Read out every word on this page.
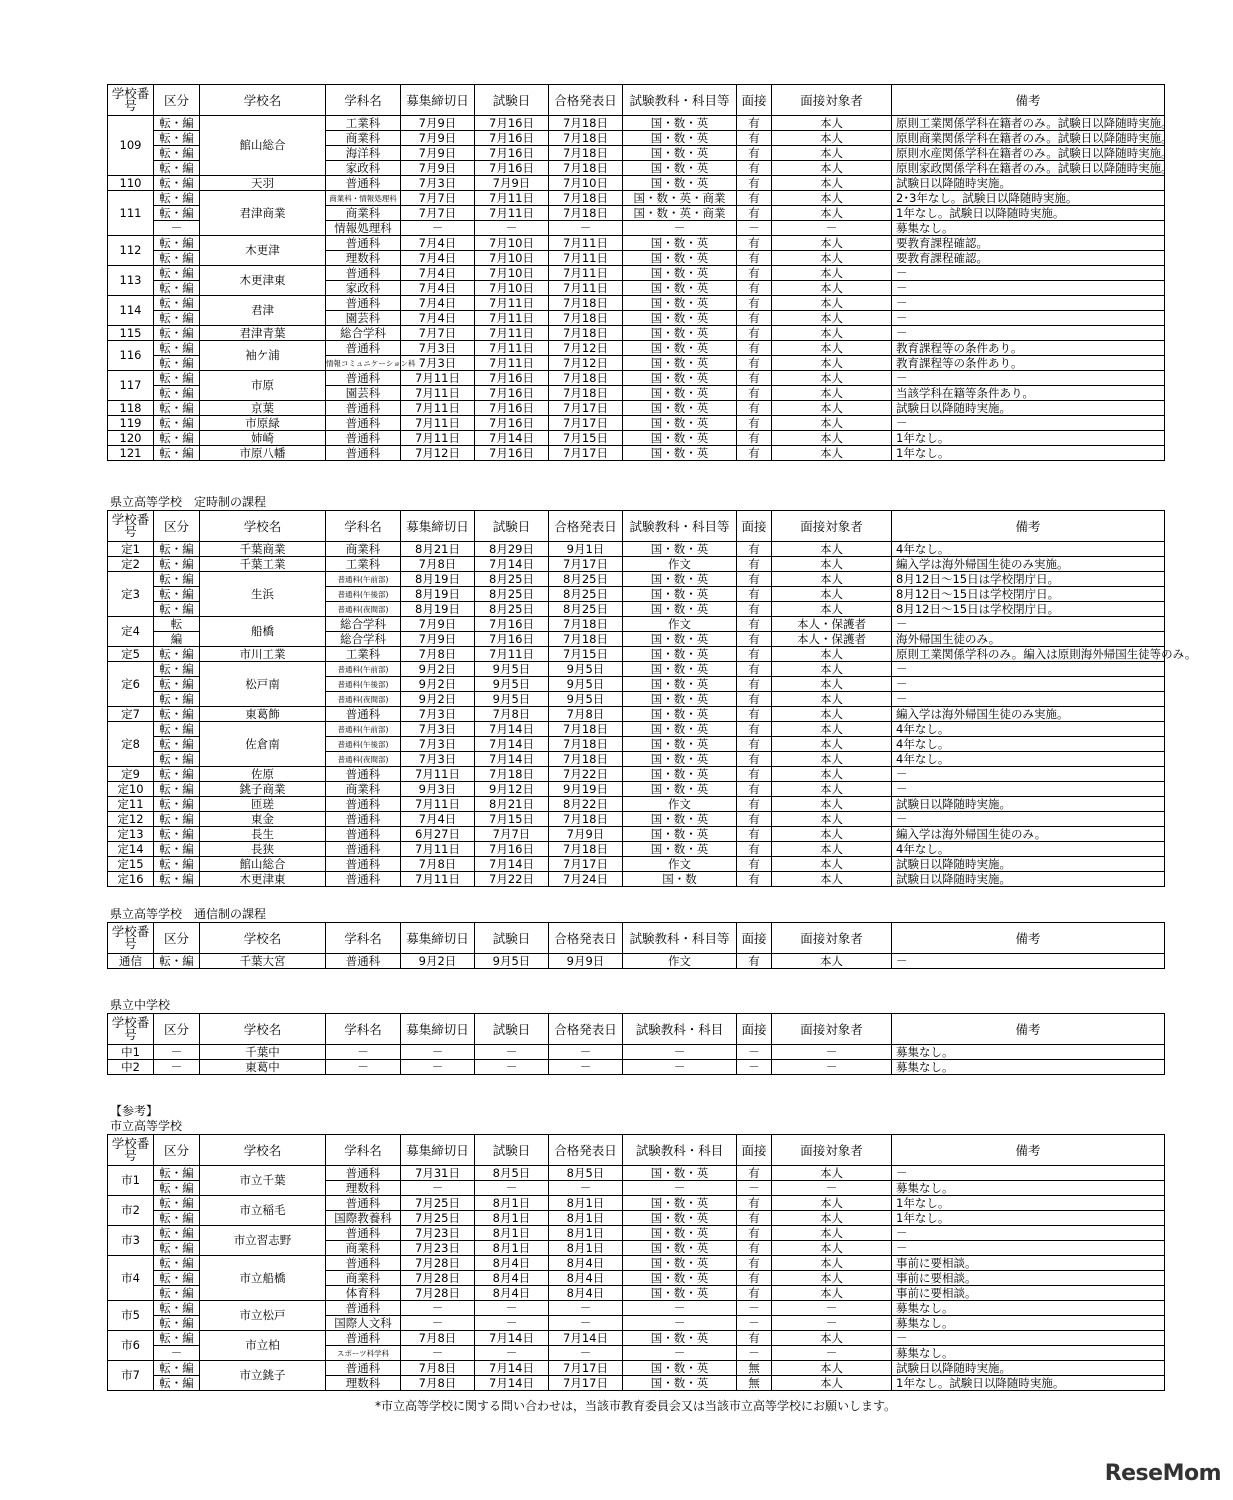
学校番号	区分	学校名	学科名	募集締切日	試験日	合格発表日	試験教科・科目等	面接	面接対象者	備考
109	転・編	館山総合	工業科	7月9日	7月16日	7月18日	国・数・英	有	本人	原則工業関係学科在籍者のみ。試験日以降随時実施。
	転・編		商業科	7月9日	7月16日	7月18日	国・数・英	有	本人	原則商業関係学科在籍者のみ。試験日以降随時実施。
	転・編		海洋科	7月9日	7月16日	7月18日	国・数・英	有	本人	原則水産関係学科在籍者のみ。試験日以降随時実施。
	転・編		家政科	7月9日	7月16日	7月18日	国・数・英	有	本人	原則家政関係学科在籍者のみ。試験日以降随時実施。
110	転・編	天羽	普通科	7月3日	7月9日	7月10日	国・数・英	有	本人	試験日以降随時実施。
111	転・編	君津商業	商業科・情報処理科	7月7日	7月11日	7月18日	国・数・英・商業	有	本人	2･3年なし。試験日以降随時実施。
	転・編		商業科	7月7日	7月11日	7月18日	国・数・英・商業	有	本人	1年なし。試験日以降随時実施。
	－		情報処理科	－	－	－	－	－	－	募集なし。
112	転・編	木更津	普通科	7月4日	7月10日	7月11日	国・数・英	有	本人	要教育課程確認。
	転・編		理数科	7月4日	7月10日	7月11日	国・数・英	有	本人	要教育課程確認。
113	転・編	木更津東	普通科	7月4日	7月10日	7月11日	国・数・英	有	本人	－
	転・編		家政科	7月4日	7月10日	7月11日	国・数・英	有	本人	－
114	転・編	君津	普通科	7月4日	7月11日	7月18日	国・数・英	有	本人	－
	転・編		園芸科	7月4日	7月11日	7月18日	国・数・英	有	本人	－
115	転・編	君津青葉	総合学科	7月7日	7月11日	7月18日	国・数・英	有	本人	－
116	転・編	袖ケ浦	普通科	7月3日	7月11日	7月12日	国・数・英	有	本人	教育課程等の条件あり。
	転・編		情報コミュニケーション科	7月3日	7月11日	7月12日	国・数・英	有	本人	教育課程等の条件あり。
117	転・編	市原	普通科	7月11日	7月16日	7月18日	国・数・英	有	本人	－
	転・編		園芸科	7月11日	7月16日	7月18日	国・数・英	有	本人	当該学科在籍等条件あり。
118	転・編	京葉	普通科	7月11日	7月16日	7月17日	国・数・英	有	本人	試験日以降随時実施。
119	転・編	市原緑	普通科	7月11日	7月16日	7月17日	国・数・英	有	本人	－
120	転・編	姉崎	普通科	7月11日	7月14日	7月15日	国・数・英	有	本人	1年なし。
121	転・編	市原八幡	普通科	7月12日	7月16日	7月17日	国・数・英	有	本人	1年なし。
県立高等学校　定時制の課程
学校番号	区分	学校名	学科名	募集締切日	試験日	合格発表日	試験教科・科目等	面接	面接対象者	備考
定1	転・編	千葉商業	商業科	8月21日	8月29日	9月1日	国・数・英	有	本人	4年なし。
定2	転・編	千葉工業	工業科	7月8日	7月14日	7月17日	作文	有	本人	編入学は海外帰国生徒のみ実施。
定3	転・編	生浜	普通科(午前部)	8月19日	8月25日	8月25日	国・数・英	有	本人	8月12日～15日は学校閉庁日。
	転・編		普通科(午後部)	8月19日	8月25日	8月25日	国・数・英	有	本人	8月12日～15日は学校閉庁日。
	転・編		普通科(夜間部)	8月19日	8月25日	8月25日	国・数・英	有	本人	8月12日～15日は学校閉庁日。
定4	転	船橋	総合学科	7月9日	7月16日	7月18日	作文	有	本人・保護者	－
	編		総合学科	7月9日	7月16日	7月18日	国・数・英	有	本人・保護者	海外帰国生徒のみ。
定5	転・編	市川工業	工業科	7月8日	7月11日	7月15日	国・数・英	有	本人	原則工業関係学科のみ。編入は原則海外帰国生徒等のみ。
定6	転・編	松戸南	普通科(午前部)	9月2日	9月5日	9月5日	国・数・英	有	本人	－
	転・編		普通科(午後部)	9月2日	9月5日	9月5日	国・数・英	有	本人	－
	転・編		普通科(夜間部)	9月2日	9月5日	9月5日	国・数・英	有	本人	－
定7	転・編	東葛飾	普通科	7月3日	7月8日	7月8日	国・数・英	有	本人	編入学は海外帰国生徒のみ実施。
定8	転・編	佐倉南	普通科(午前部)	7月3日	7月14日	7月18日	国・数・英	有	本人	4年なし。
	転・編		普通科(午後部)	7月3日	7月14日	7月18日	国・数・英	有	本人	4年なし。
	転・編		普通科(夜間部)	7月3日	7月14日	7月18日	国・数・英	有	本人	4年なし。
定9	転・編	佐原	普通科	7月11日	7月18日	7月22日	国・数・英	有	本人	－
定10	転・編	銚子商業	商業科	9月3日	9月12日	9月19日	国・数・英	有	本人	－
定11	転・編	匝瑳	普通科	7月11日	8月21日	8月22日	作文	有	本人	試験日以降随時実施。
定12	転・編	東金	普通科	7月4日	7月15日	7月18日	国・数・英	有	本人	－
定13	転・編	長生	普通科	6月27日	7月7日	7月9日	国・数・英	有	本人	編入学は海外帰国生徒のみ。
定14	転・編	長狭	普通科	7月11日	7月16日	7月18日	国・数・英	有	本人	4年なし。
定15	転・編	館山総合	普通科	7月8日	7月14日	7月17日	作文	有	本人	試験日以降随時実施。
定16	転・編	木更津東	普通科	7月11日	7月22日	7月24日	国・数	有	本人	試験日以降随時実施。
県立高等学校　通信制の課程
学校番号	区分	学校名	学科名	募集締切日	試験日	合格発表日	試験教科・科目等	面接	面接対象者	備考
通信	転・編	千葉大宮	普通科	9月2日	9月5日	9月9日	作文	有	本人	－
県立中学校
学校番号	区分	学校名	学科名	募集締切日	試験日	合格発表日	試験教科・科目	面接	面接対象者	備考
中1	－	千葉中	－	－	－	－	－	－	－	募集なし。
中2	－	東葛中	－	－	－	－	－	－	－	募集なし。
【参考】
市立高等学校
学校番号	区分	学校名	学科名	募集締切日	試験日	合格発表日	試験教科・科目	面接	面接対象者	備考
市1	転・編	市立千葉	普通科	7月31日	8月5日	8月5日	国・数・英	有	本人	－
	転・編		理数科	－	－	－	－	－	－	募集なし。
市2	転・編	市立稲毛	普通科	7月25日	8月1日	8月1日	国・数・英	有	本人	1年なし。
	転・編		国際教養科	7月25日	8月1日	8月1日	国・数・英	有	本人	1年なし。
市3	転・編	市立習志野	普通科	7月23日	8月1日	8月1日	国・数・英	有	本人	－
	転・編		商業科	7月23日	8月1日	8月1日	国・数・英	有	本人	－
市4	転・編	市立船橋	普通科	7月28日	8月4日	8月4日	国・数・英	有	本人	事前に要相談。
	転・編		商業科	7月28日	8月4日	8月4日	国・数・英	有	本人	事前に要相談。
	転・編		体育科	7月28日	8月4日	8月4日	国・数・英	有	本人	事前に要相談。
市5	転・編	市立松戸	普通科	－	－	－	－	－	－	募集なし。
	転・編		国際人文科	－	－	－	－	－	－	募集なし。
市6	転・編	市立柏	普通科	7月8日	7月14日	7月14日	国・数・英	有	本人	－
	－		スポーツ科学科	－	－	－	－	－	－	募集なし。
市7	転・編	市立銚子	普通科	7月8日	7月14日	7月17日	国・数・英	無	本人	試験日以降随時実施。
	転・編		理数科	7月8日	7月14日	7月17日	国・数・英	無	本人	1年なし。試験日以降随時実施。
*市立高等学校に関する問い合わせは，当該市教育委員会又は当該市立高等学校にお願いします。
ReseMom
